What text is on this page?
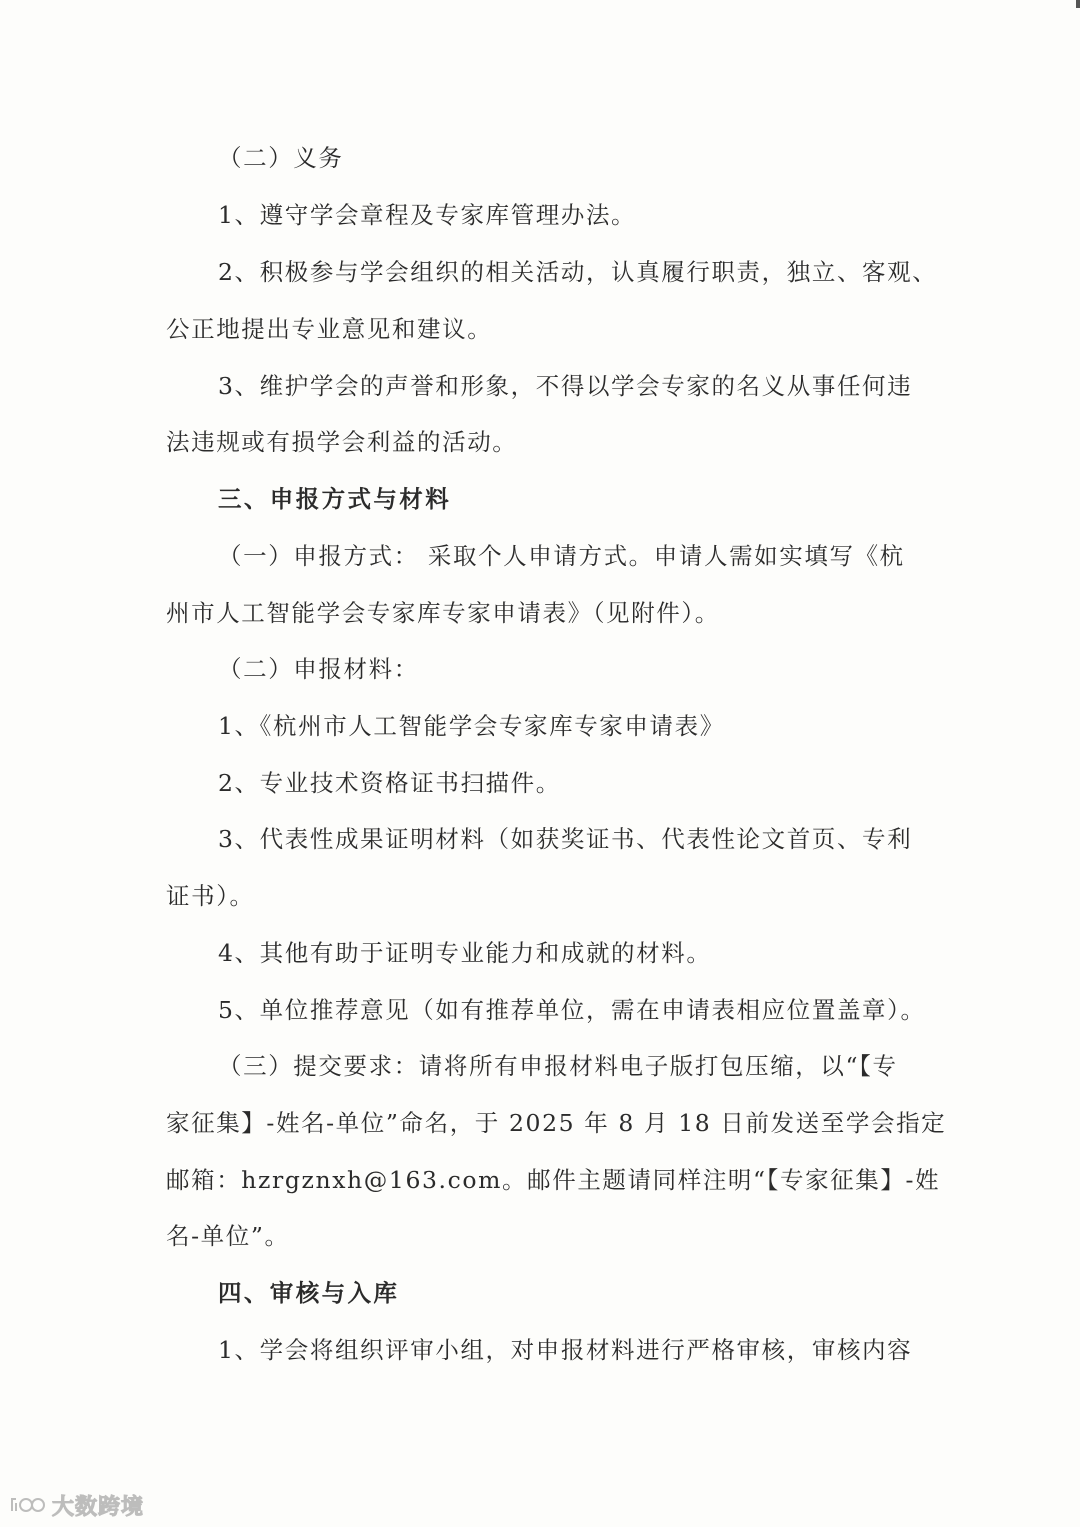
（二）义务
1、遵守学会章程及专家库管理办法。
2、积极参与学会组织的相关活动，认真履行职责，独立、客观、
公正地提出专业意见和建议。
3、维护学会的声誉和形象，不得以学会专家的名义从事任何违
法违规或有损学会利益的活动。
三、申报方式与材料
（一）申报方式： 采取个人申请方式。申请人需如实填写《杭
州市人工智能学会专家库专家申请表》（见附件）。
（二）申报材料：
1、《杭州市人工智能学会专家库专家申请表》
2、专业技术资格证书扫描件。
3、代表性成果证明材料（如获奖证书、代表性论文首页、专利
证书）。
4、其他有助于证明专业能力和成就的材料。
5、单位推荐意见（如有推荐单位，需在申请表相应位置盖章）。
（三）提交要求：请将所有申报材料电子版打包压缩，以“【专
家征集】-姓名-单位”命名，于 2025 年 8 月 18 日前发送至学会指定
邮箱：hzrgznxh@163.com。邮件主题请同样注明“【专家征集】-姓
名-单位”。
四、审核与入库
1、学会将组织评审小组，对申报材料进行严格审核，审核内容
大数跨境
